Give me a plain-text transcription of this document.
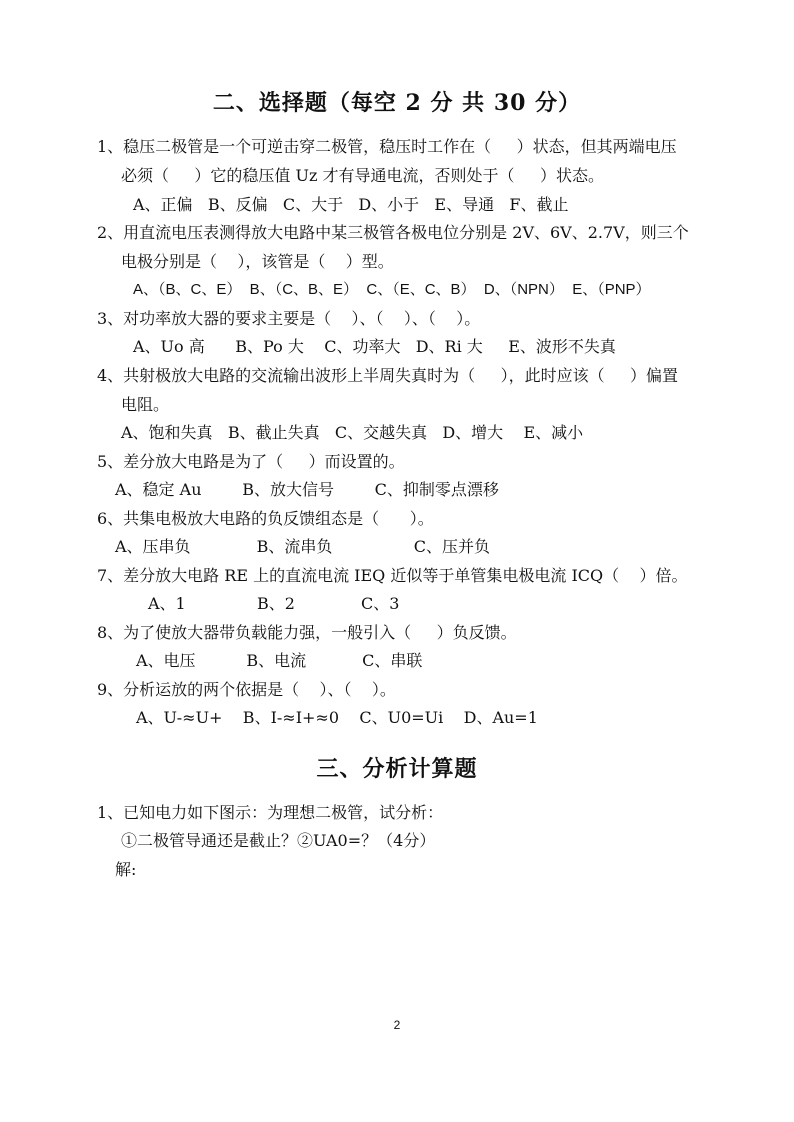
二、选择题（每空 2 分 共 30 分）
1、稳压二极管是一个可逆击穿二极管，稳压时工作在（     ）状态，但其两端电压
必须（     ）它的稳压值 Uz 才有导通电流，否则处于（     ）状态。
A、正偏   B、反偏   C、大于   D、小于   E、导通   F、截止
2、用直流电压表测得放大电路中某三极管各极电位分别是 2V、6V、2.7V，则三个
电极分别是（    ），该管是（    ）型。
A、（B、C、E）  B、（C、B、E）  C、（E、C、B）  D、（NPN）  E、（PNP）
3、对功率放大器的要求主要是（    ）、（    ）、（    ）。
A、Uo 高      B、Po 大    C、功率大   D、Ri 大     E、波形不失真
4、共射极放大电路的交流输出波形上半周失真时为（     ），此时应该（     ）偏置
电阻。
A、饱和失真   B、截止失真   C、交越失真   D、增大    E、减小
5、差分放大电路是为了（     ）而设置的。
A、稳定 Au        B、放大信号        C、抑制零点漂移
6、共集电极放大电路的负反馈组态是（      ）。
A、压串负             B、流串负                C、压并负
7、差分放大电路 RE 上的直流电流 IEQ 近似等于单管集电极电流 ICQ（    ）倍。
A、1              B、2             C、3
8、为了使放大器带负载能力强，一般引入（     ）负反馈。
A、电压          B、电流           C、串联
9、分析运放的两个依据是（    ）、（    ）。
A、U-≈U+    B、I-≈I+≈0    C、U0=Ui    D、Au=1
三、分析计算题
1、已知电力如下图示：为理想二极管，试分析：
①二极管导通还是截止？②UA0=？（4分）
解:
2
